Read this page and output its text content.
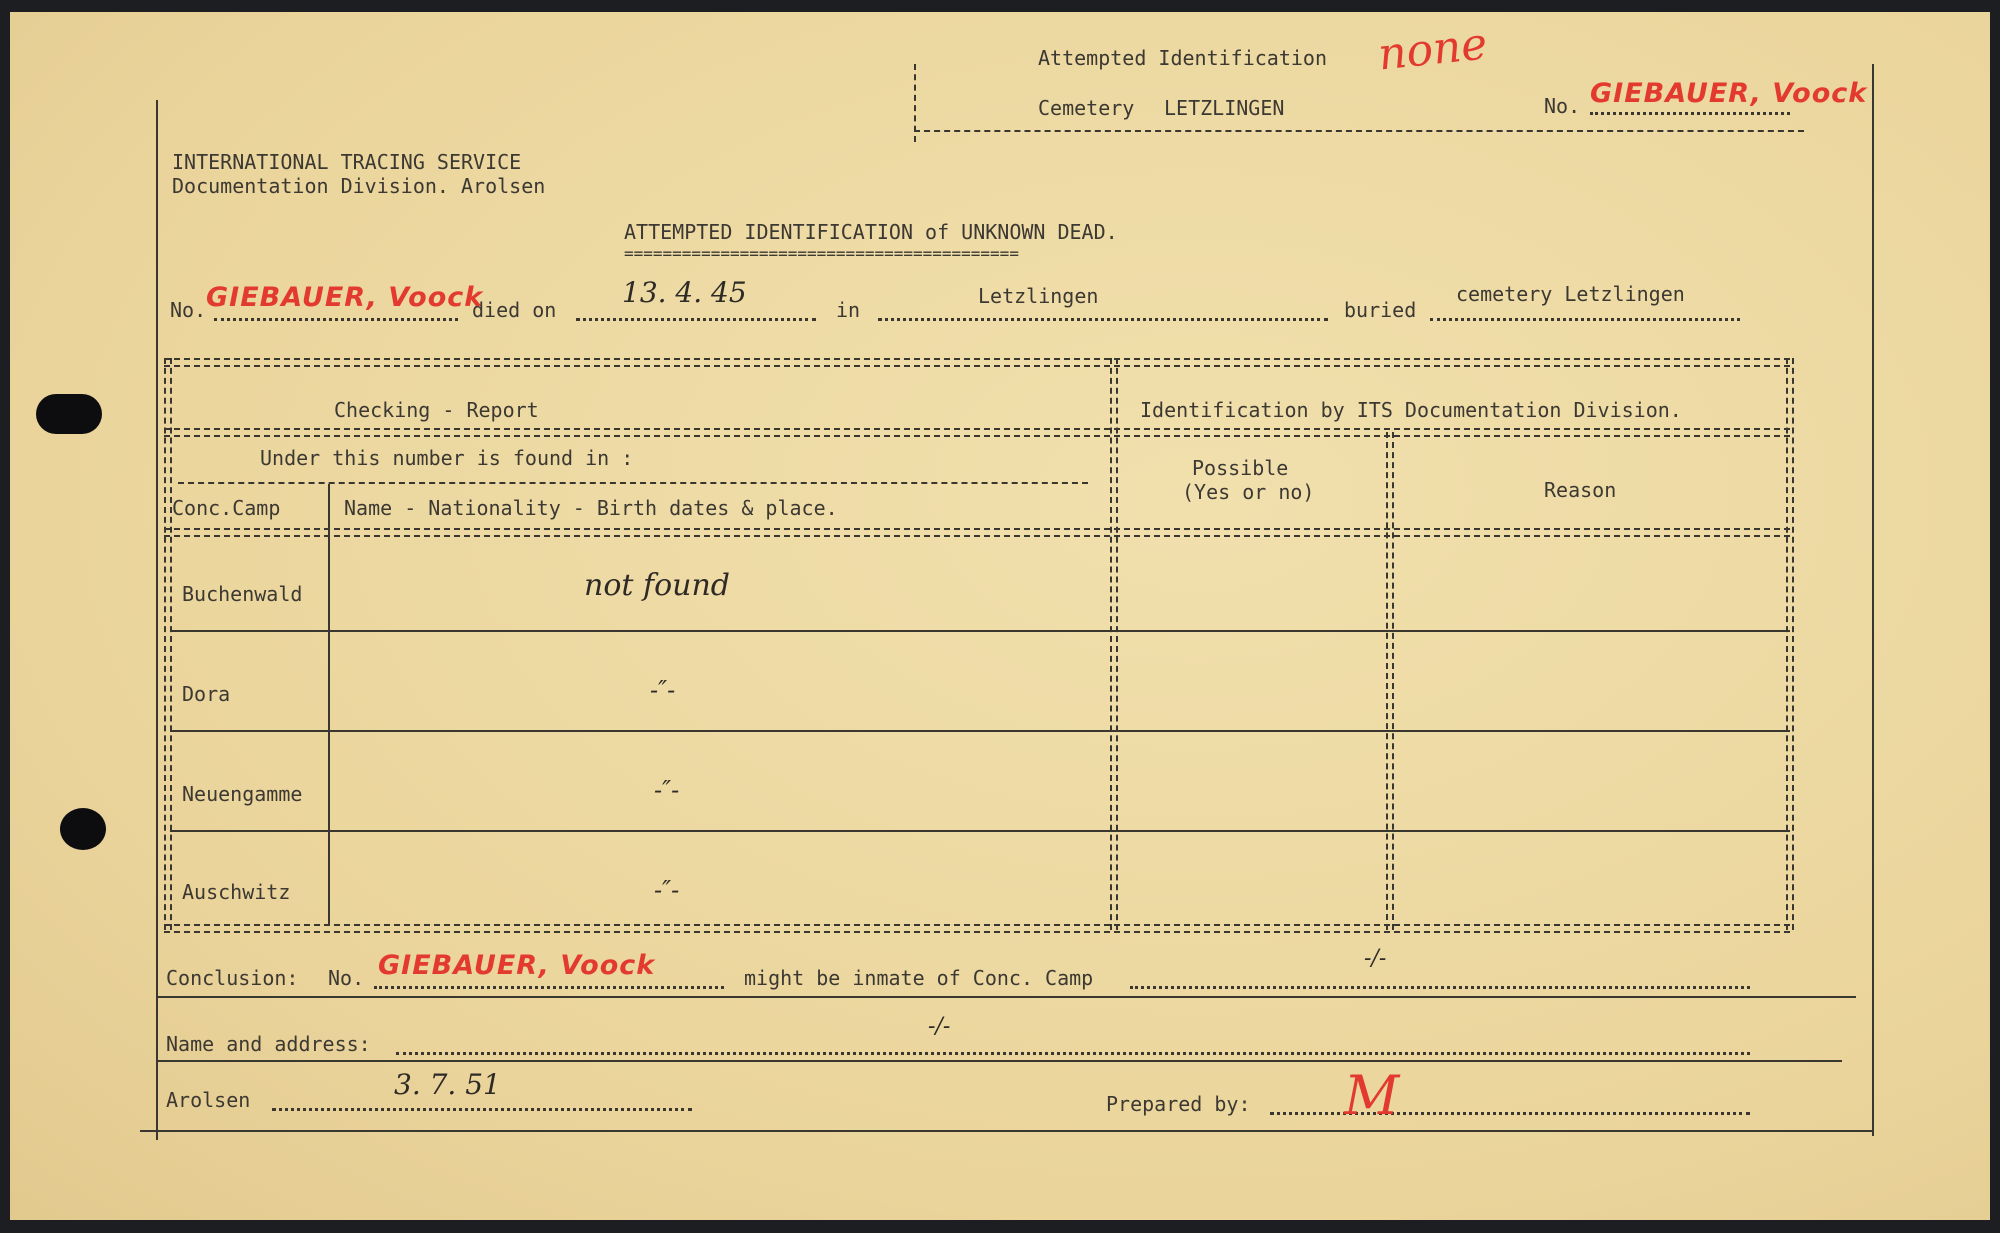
Attempted Identification none
Cemetery LETZLINGEN	No. GIEBAUER, Voock
INTERNATIONAL TRACING SERVICE
Documentation Division. Arolsen
ATTEMPTED IDENTIFICATION of UNKNOWN DEAD.
=========================================
No. GIEBAUER, Voock
died on
13. 4. 45
in
Letzlingen
buried
cemetery Letzlingen
Checking - Report	Identification by ITS Documentation Division.
Under this number is found in :
Conc.Camp	Name - Nationality - Birth dates & place.
Possible
(Yes or no)	Reason
Buchenwald	not found
Dora	-″-
Neuengamme	-″-
Auschwitz	-″-
Conclusion: No. GIEBAUER, Voock	might be inmate of Conc. Camp
-/-
Name and address:
-/-
Arolsen	3. 7. 51
Prepared by: M
